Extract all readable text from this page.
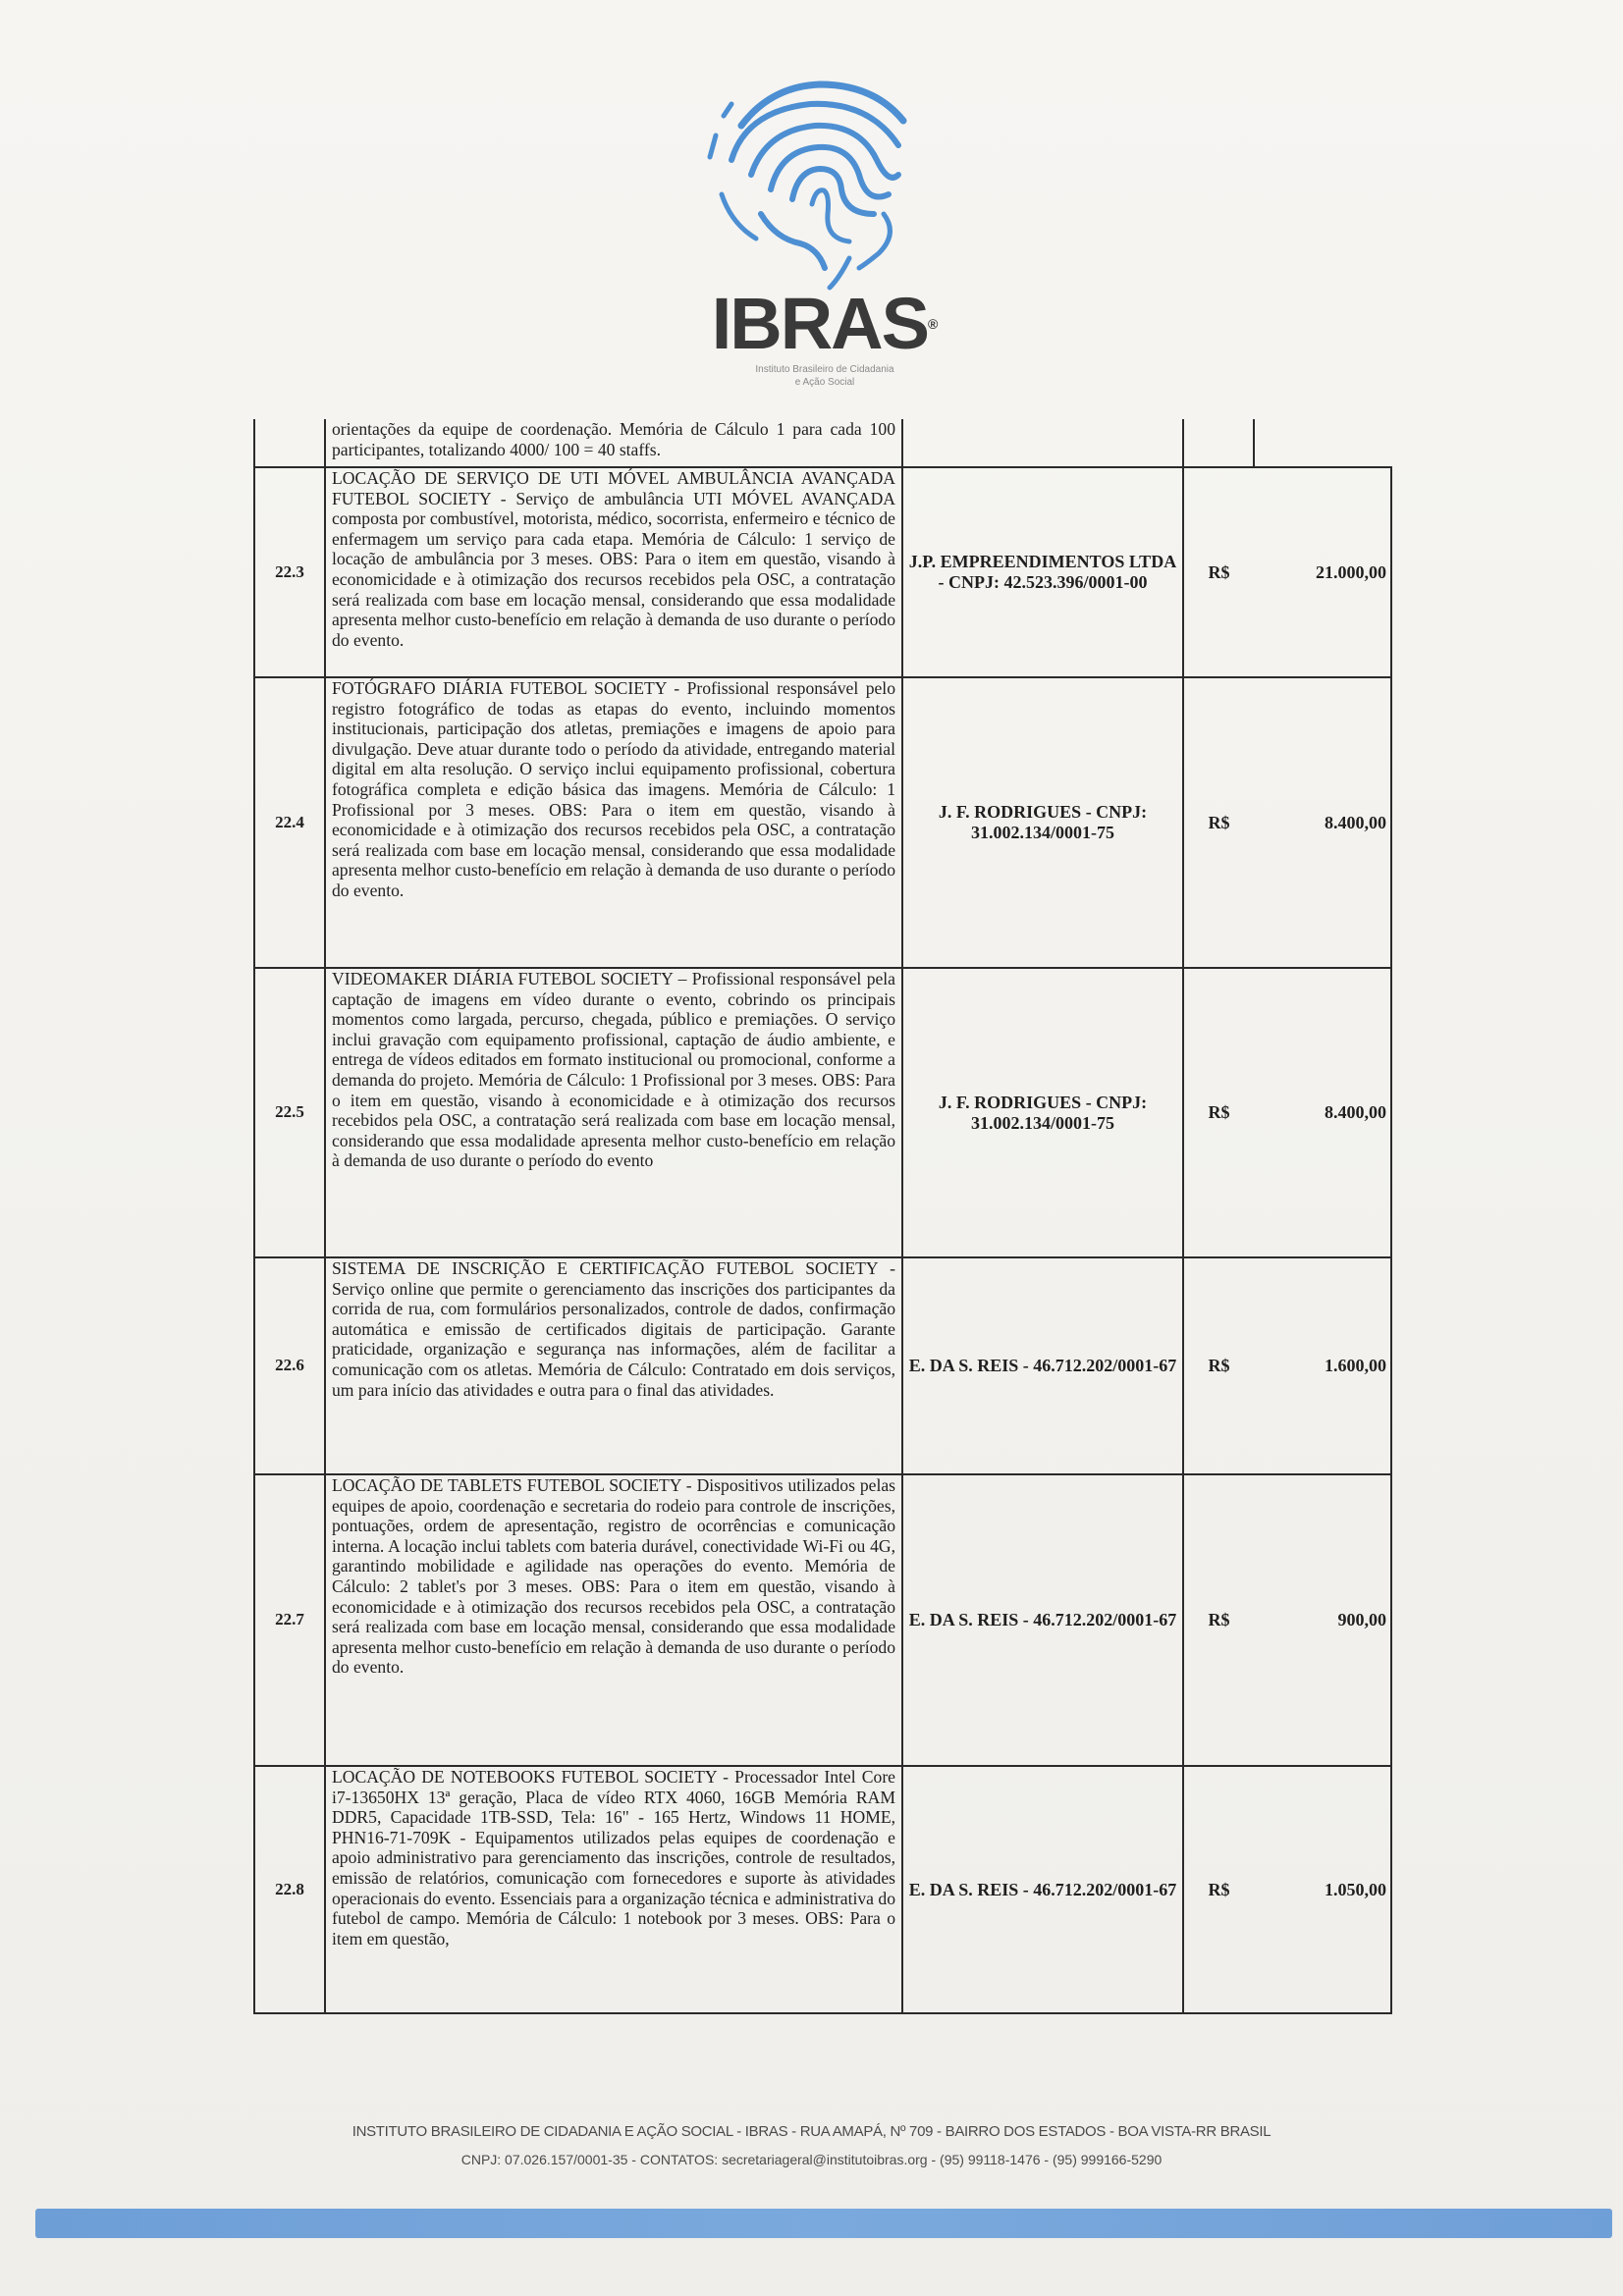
IBRAS®
Instituto Brasileiro de Cidadania
e Ação Social
	orientações da equipe de coordenação. Memória de Cálculo 1 para cada 100 participantes, totalizando 4000/ 100 = 40 staffs.			
22.3	LOCAÇÃO DE SERVIÇO DE UTI MÓVEL AMBULÂNCIA AVANÇADA FUTEBOL SOCIETY - Serviço de ambulância UTI MÓVEL AVANÇADA composta por combustível, motorista, médico, socorrista, enfermeiro e técnico de enfermagem um serviço para cada etapa. Memória de Cálculo: 1 serviço de locação de ambulância por 3 meses. OBS: Para o item em questão, visando à economicidade e à otimização dos recursos recebidos pela OSC, a contratação será realizada com base em locação mensal, considerando que essa modalidade apresenta melhor custo-benefício em relação à demanda de uso durante o período do evento.	J.P. EMPREENDIMENTOS LTDA - CNPJ: 42.523.396/0001-00	R$	21.000,00
22.4	FOTÓGRAFO DIÁRIA FUTEBOL SOCIETY - Profissional responsável pelo registro fotográfico de todas as etapas do evento, incluindo momentos institucionais, participação dos atletas, premiações e imagens de apoio para divulgação. Deve atuar durante todo o período da atividade, entregando material digital em alta resolução. O serviço inclui equipamento profissional, cobertura fotográfica completa e edição básica das imagens. Memória de Cálculo: 1 Profissional por 3 meses. OBS: Para o item em questão, visando à economicidade e à otimização dos recursos recebidos pela OSC, a contratação será realizada com base em locação mensal, considerando que essa modalidade apresenta melhor custo-benefício em relação à demanda de uso durante o período do evento.	J. F. RODRIGUES - CNPJ: 31.002.134/0001-75	R$	8.400,00
22.5	VIDEOMAKER DIÁRIA FUTEBOL SOCIETY – Profissional responsável pela captação de imagens em vídeo durante o evento, cobrindo os principais momentos como largada, percurso, chegada, público e premiações. O serviço inclui gravação com equipamento profissional, captação de áudio ambiente, e entrega de vídeos editados em formato institucional ou promocional, conforme a demanda do projeto. Memória de Cálculo: 1 Profissional por 3 meses. OBS: Para o item em questão, visando à economicidade e à otimização dos recursos recebidos pela OSC, a contratação será realizada com base em locação mensal, considerando que essa modalidade apresenta melhor custo-benefício em relação à demanda de uso durante o período do evento	J. F. RODRIGUES - CNPJ: 31.002.134/0001-75	R$	8.400,00
22.6	SISTEMA DE INSCRIÇÃO E CERTIFICAÇÃO FUTEBOL SOCIETY - Serviço online que permite o gerenciamento das inscrições dos participantes da corrida de rua, com formulários personalizados, controle de dados, confirmação automática e emissão de certificados digitais de participação. Garante praticidade, organização e segurança nas informações, além de facilitar a comunicação com os atletas. Memória de Cálculo: Contratado em dois serviços, um para início das atividades e outra para o final das atividades.	E. DA S. REIS - 46.712.202/0001-67	R$	1.600,00
22.7	LOCAÇÃO DE TABLETS FUTEBOL SOCIETY - Dispositivos utilizados pelas equipes de apoio, coordenação e secretaria do rodeio para controle de inscrições, pontuações, ordem de apresentação, registro de ocorrências e comunicação interna. A locação inclui tablets com bateria durável, conectividade Wi-Fi ou 4G, garantindo mobilidade e agilidade nas operações do evento. Memória de Cálculo: 2 tablet's por 3 meses. OBS: Para o item em questão, visando à economicidade e à otimização dos recursos recebidos pela OSC, a contratação será realizada com base em locação mensal, considerando que essa modalidade apresenta melhor custo-benefício em relação à demanda de uso durante o período do evento.	E. DA S. REIS - 46.712.202/0001-67	R$	900,00
22.8	LOCAÇÃO DE NOTEBOOKS FUTEBOL SOCIETY - Processador Intel Core i7-13650HX 13ª geração, Placa de vídeo RTX 4060, 16GB Memória RAM DDR5, Capacidade 1TB-SSD, Tela: 16" - 165 Hertz, Windows 11 HOME, PHN16-71-709K - Equipamentos utilizados pelas equipes de coordenação e apoio administrativo para gerenciamento das inscrições, controle de resultados, emissão de relatórios, comunicação com fornecedores e suporte às atividades operacionais do evento. Essenciais para a organização técnica e administrativa do futebol de campo. Memória de Cálculo: 1 notebook por 3 meses. OBS: Para o item em questão,	E. DA S. REIS - 46.712.202/0001-67	R$	1.050,00
INSTITUTO BRASILEIRO DE CIDADANIA E AÇÃO SOCIAL - IBRAS - RUA AMAPÁ, Nº 709 - BAIRRO DOS ESTADOS - BOA VISTA-RR BRASIL
CNPJ: 07.026.157/0001-35 - CONTATOS: secretariageral@institutoibras.org - (95) 99118-1476 - (95) 999166-5290
